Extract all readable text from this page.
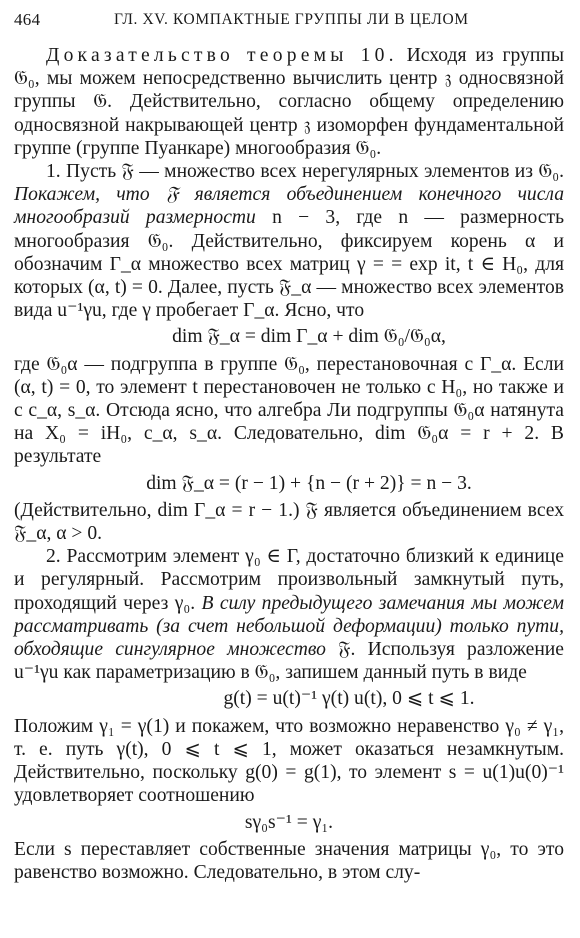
464	ГЛ. XV. КОМПАКТНЫЕ ГРУППЫ ЛИ В ЦЕЛОМ

Доказательство теоремы 10. Исходя из группы 𝔊₀, мы можем непосредственно вычислить центр 𝔷 односвязной группы 𝔊. Действительно, согласно общему определению односвязной накрывающей центр 𝔷 изоморфен фундаментальной группе (группе Пуанкаре) многообразия 𝔊₀.

1. Пусть 𝔉 — множество всех нерегулярных элементов из 𝔊₀. Покажем, что 𝔉 является объединением конечного числа многообразий размерности n − 3, где n — размерность многообразия 𝔊₀. Действительно, фиксируем корень α и обозначим Γ_α множество всех матриц γ = = exp it, t ∈ H₀, для которых (α, t) = 0. Далее, пусть 𝔉_α — множество всех элементов вида u⁻¹γu, где γ пробегает Γ_α. Ясно, что

dim 𝔉_α = dim Γ_α + dim 𝔊₀/𝔊₀α,

где 𝔊₀α — подгруппа в группе 𝔊₀, перестановочная с Γ_α. Если (α, t) = 0, то элемент t перестановочен не только с H₀, но также и с c_α, s_α. Отсюда ясно, что алгебра Ли подгруппы 𝔊₀α натянута на X₀ = iH₀, c_α, s_α. Следовательно, dim 𝔊₀α = r + 2. В результате

dim 𝔉_α = (r − 1) + {n − (r + 2)} = n − 3.

(Действительно, dim Γ_α = r − 1.) 𝔉 является объединением всех 𝔉_α, α > 0.

2. Рассмотрим элемент γ₀ ∈ Γ, достаточно близкий к единице и регулярный. Рассмотрим произвольный замкнутый путь, проходящий через γ₀. В силу предыдущего замечания мы можем рассматривать (за счет небольшой деформации) только пути, обходящие сингулярное множество 𝔉. Используя разложение u⁻¹γu как параметризацию в 𝔊₀, запишем данный путь в виде

g(t) = u(t)⁻¹ γ(t) u(t), 0 ⩽ t ⩽ 1.

Положим γ₁ = γ(1) и покажем, что возможно неравенство γ₀ ≠ γ₁, т. е. путь γ(t), 0 ⩽ t ⩽ 1, может оказаться незамкнутым. Действительно, поскольку g(0) = g(1), то элемент s = u(1)u(0)⁻¹ удовлетворяет соотношению

sγ₀s⁻¹ = γ₁.

Если s переставляет собственные значения матрицы γ₀, то это равенство возможно. Следовательно, в этом слу-
